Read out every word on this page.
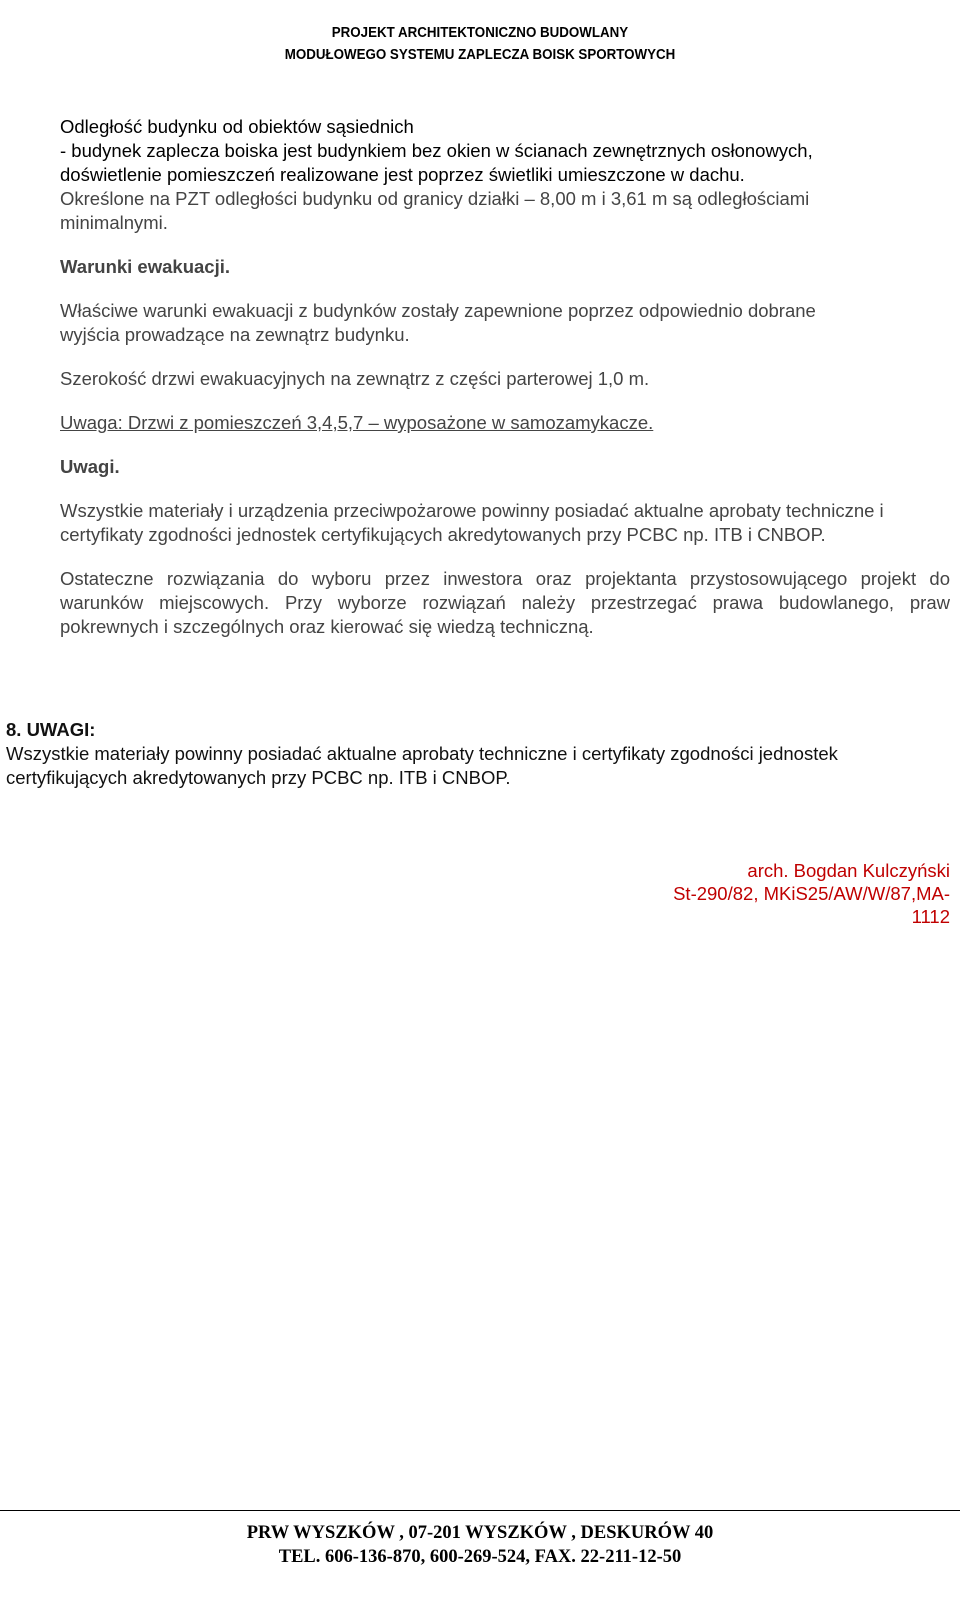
PROJEKT ARCHITEKTONICZNO BUDOWLANY
MODUŁOWEGO SYSTEMU ZAPLECZA BOISK SPORTOWYCH

Odległość budynku od obiektów sąsiednich

- budynek zaplecza boiska jest budynkiem bez okien w ścianach zewnętrznych osłonowych,

doświetlenie pomieszczeń realizowane jest poprzez świetliki umieszczone w dachu.

Określone na PZT odległości budynku od granicy działki – 8,00 m i 3,61 m są odległościami

minimalnymi.

Warunki ewakuacji.

Właściwe warunki ewakuacji z budynków zostały zapewnione poprzez odpowiednio dobrane

wyjścia prowadzące na zewnątrz budynku.

Szerokość drzwi ewakuacyjnych na zewnątrz z części parterowej 1,0 m.

Uwaga: Drzwi z pomieszczeń 3,4,5,7 – wyposażone w samozamykacze.

Uwagi.

Wszystkie materiały i urządzenia przeciwpożarowe powinny posiadać aktualne aprobaty techniczne i certyfikaty zgodności jednostek certyfikujących akredytowanych przy PCBC np. ITB i CNBOP.

Ostateczne rozwiązania do wyboru przez inwestora oraz projektanta przystosowującego projekt do warunków miejscowych. Przy wyborze rozwiązań należy przestrzegać prawa budowlanego, praw pokrewnych i szczególnych oraz kierować się wiedzą techniczną.

8. UWAGI:

Wszystkie materiały powinny posiadać aktualne aprobaty techniczne i certyfikaty zgodności jednostek certyfikujących akredytowanych przy PCBC np. ITB i CNBOP.

arch. Bogdan Kulczyński
St-290/82, MKiS25/AW/W/87,MA-
1112
PRW WYSZKÓW , 07-201 WYSZKÓW , DESKURÓW 40
TEL. 606-136-870, 600-269-524, FAX. 22-211-12-50
